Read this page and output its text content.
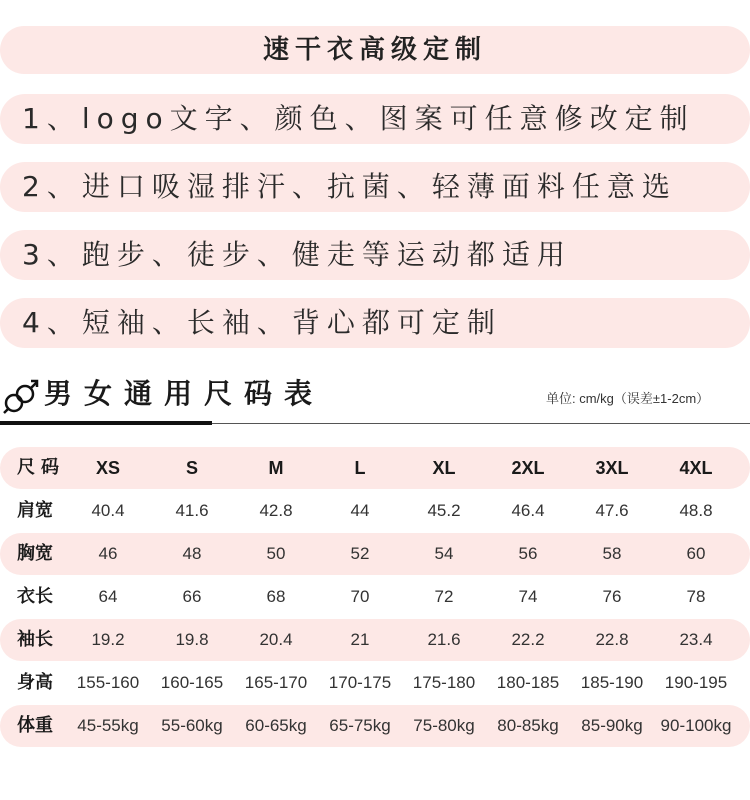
速干衣高级定制
1、logo文字、颜色、图案可任意修改定制
2、进口吸湿排汗、抗菌、轻薄面料任意选
3、跑步、徒步、健走等运动都适用
4、短袖、长袖、背心都可定制
男女通用尺码表	单位: cm/kg（误差±1-2cm）
尺码	XS	S	M	L	XL	2XL	3XL	4XL
肩宽	40.4	41.6	42.8	44	45.2	46.4	47.6	48.8
胸宽	46	48	50	52	54	56	58	60
衣长	64	66	68	70	72	74	76	78
袖长	19.2	19.8	20.4	21	21.6	22.2	22.8	23.4
身高	155-160	160-165	165-170	170-175	175-180	180-185	185-190	190-195
体重	45-55kg	55-60kg	60-65kg	65-75kg	75-80kg	80-85kg	85-90kg	90-100kg
